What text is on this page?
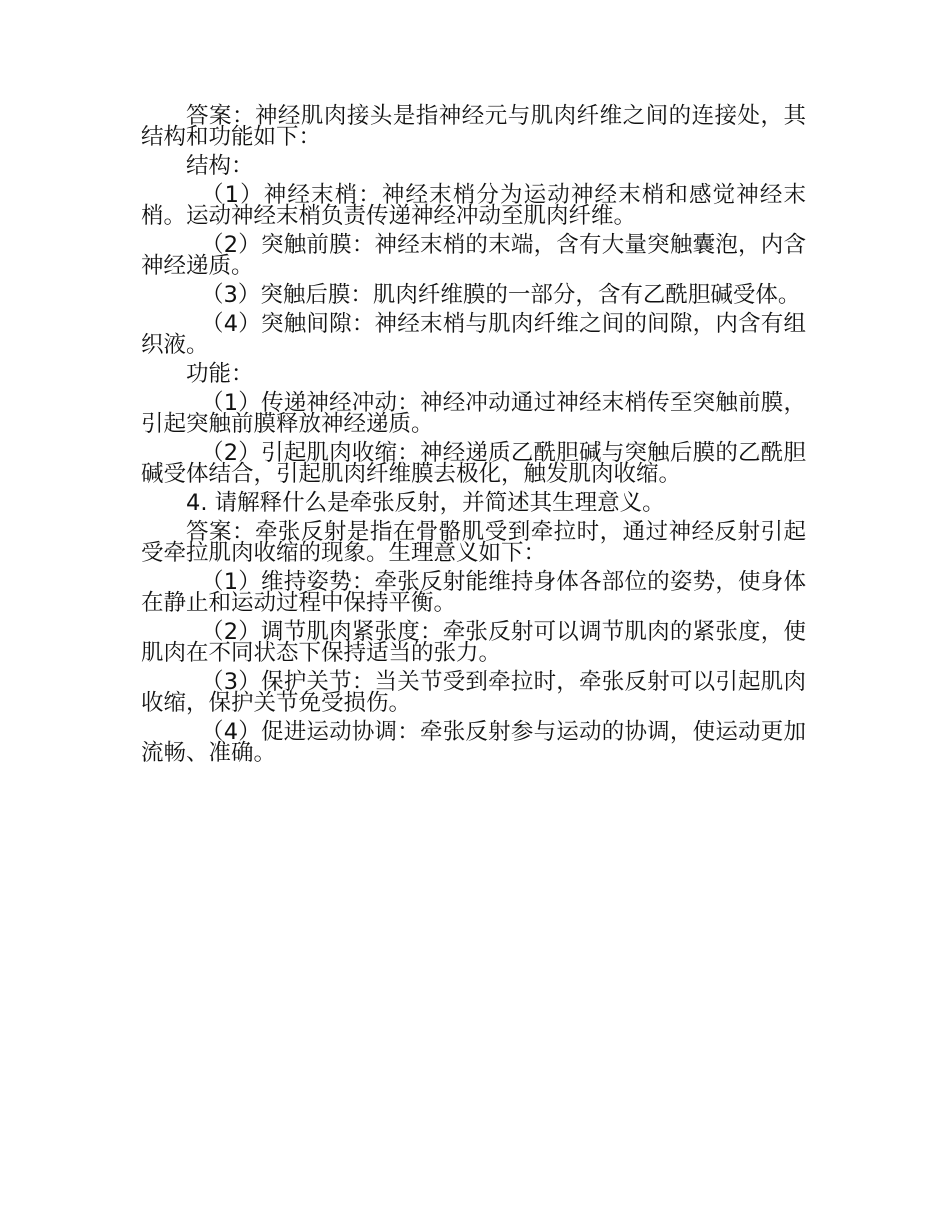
答案：神经肌肉接头是指神经元与肌肉纤维之间的连接处，其结构和功能如下：

结构：

（1）神经末梢：神经末梢分为运动神经末梢和感觉神经末梢。运动神经末梢负责传递神经冲动至肌肉纤维。

（2）突触前膜：神经末梢的末端，含有大量突触囊泡，内含神经递质。

（3）突触后膜：肌肉纤维膜的一部分，含有乙酰胆碱受体。

（4）突触间隙：神经末梢与肌肉纤维之间的间隙，内含有组织液。

功能：

（1）传递神经冲动：神经冲动通过神经末梢传至突触前膜，引起突触前膜释放神经递质。

（2）引起肌肉收缩：神经递质乙酰胆碱与突触后膜的乙酰胆碱受体结合，引起肌肉纤维膜去极化，触发肌肉收缩。

4. 请解释什么是牵张反射，并简述其生理意义。

答案：牵张反射是指在骨骼肌受到牵拉时，通过神经反射引起受牵拉肌肉收缩的现象。生理意义如下：

（1）维持姿势：牵张反射能维持身体各部位的姿势，使身体在静止和运动过程中保持平衡。

（2）调节肌肉紧张度：牵张反射可以调节肌肉的紧张度，使肌肉在不同状态下保持适当的张力。

（3）保护关节：当关节受到牵拉时，牵张反射可以引起肌肉收缩，保护关节免受损伤。

（4）促进运动协调：牵张反射参与运动的协调，使运动更加流畅、准确。
